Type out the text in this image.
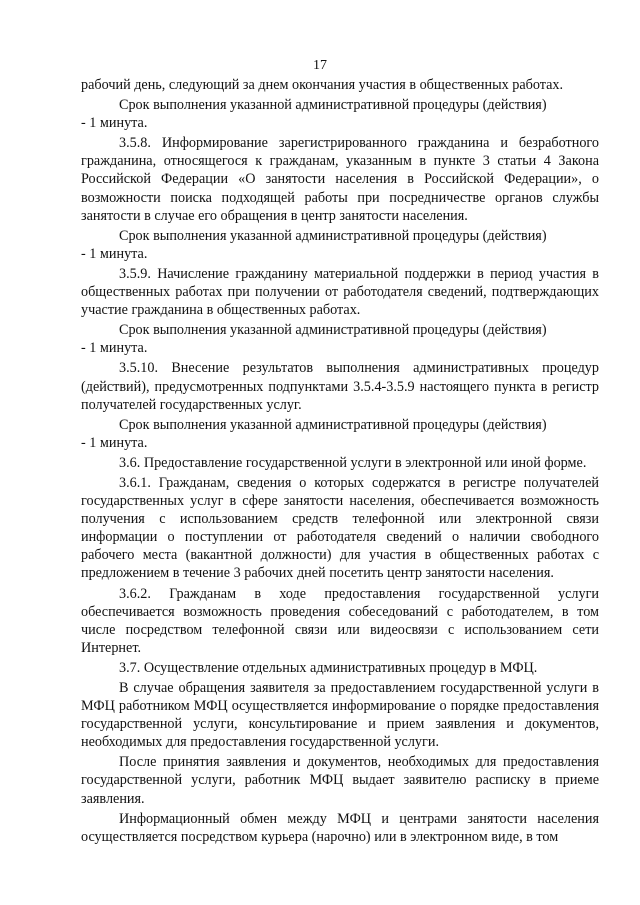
17

рабочий день, следующий за днем окончания участия в общественных работах.

Срок выполнения указанной административной процедуры (действия)
- 1 минута.

3.5.8. Информирование зарегистрированного гражданина и безработного гражданина, относящегося к гражданам, указанным в пункте 3 статьи 4 Закона Российской Федерации «О занятости населения в Российской Федерации», о возможности поиска подходящей работы при посредничестве органов службы занятости в случае его обращения в центр занятости населения.

Срок выполнения указанной административной процедуры (действия)
- 1 минута.

3.5.9. Начисление гражданину материальной поддержки в период участия в общественных работах при получении от работодателя сведений, подтверждающих участие гражданина в общественных работах.

Срок выполнения указанной административной процедуры (действия)
- 1 минута.

3.5.10. Внесение результатов выполнения административных процедур (действий), предусмотренных подпунктами 3.5.4-3.5.9 настоящего пункта в регистр получателей государственных услуг.

Срок выполнения указанной административной процедуры (действия)
- 1 минута.

3.6. Предоставление государственной услуги в электронной или иной форме.

3.6.1. Гражданам, сведения о которых содержатся в регистре получателей государственных услуг в сфере занятости населения, обеспечивается возможность получения с использованием средств телефонной или электронной связи информации о поступлении от работодателя сведений о наличии свободного рабочего места (вакантной должности) для участия в общественных работах с предложением в течение 3 рабочих дней посетить центр занятости населения.

3.6.2. Гражданам в ходе предоставления государственной услуги обеспечивается возможность проведения собеседований с работодателем, в том числе посредством телефонной связи или видеосвязи с использованием сети Интернет.

3.7. Осуществление отдельных административных процедур в МФЦ.

В случае обращения заявителя за предоставлением государственной услуги в МФЦ работником МФЦ осуществляется информирование о порядке предоставления государственной услуги, консультирование и прием заявления и документов, необходимых для предоставления государственной услуги.

После принятия заявления и документов, необходимых для предоставления государственной услуги, работник МФЦ выдает заявителю расписку в приеме заявления.

Информационный обмен между МФЦ и центрами занятости населения осуществляется посредством курьера (нарочно) или в электронном виде, в том
